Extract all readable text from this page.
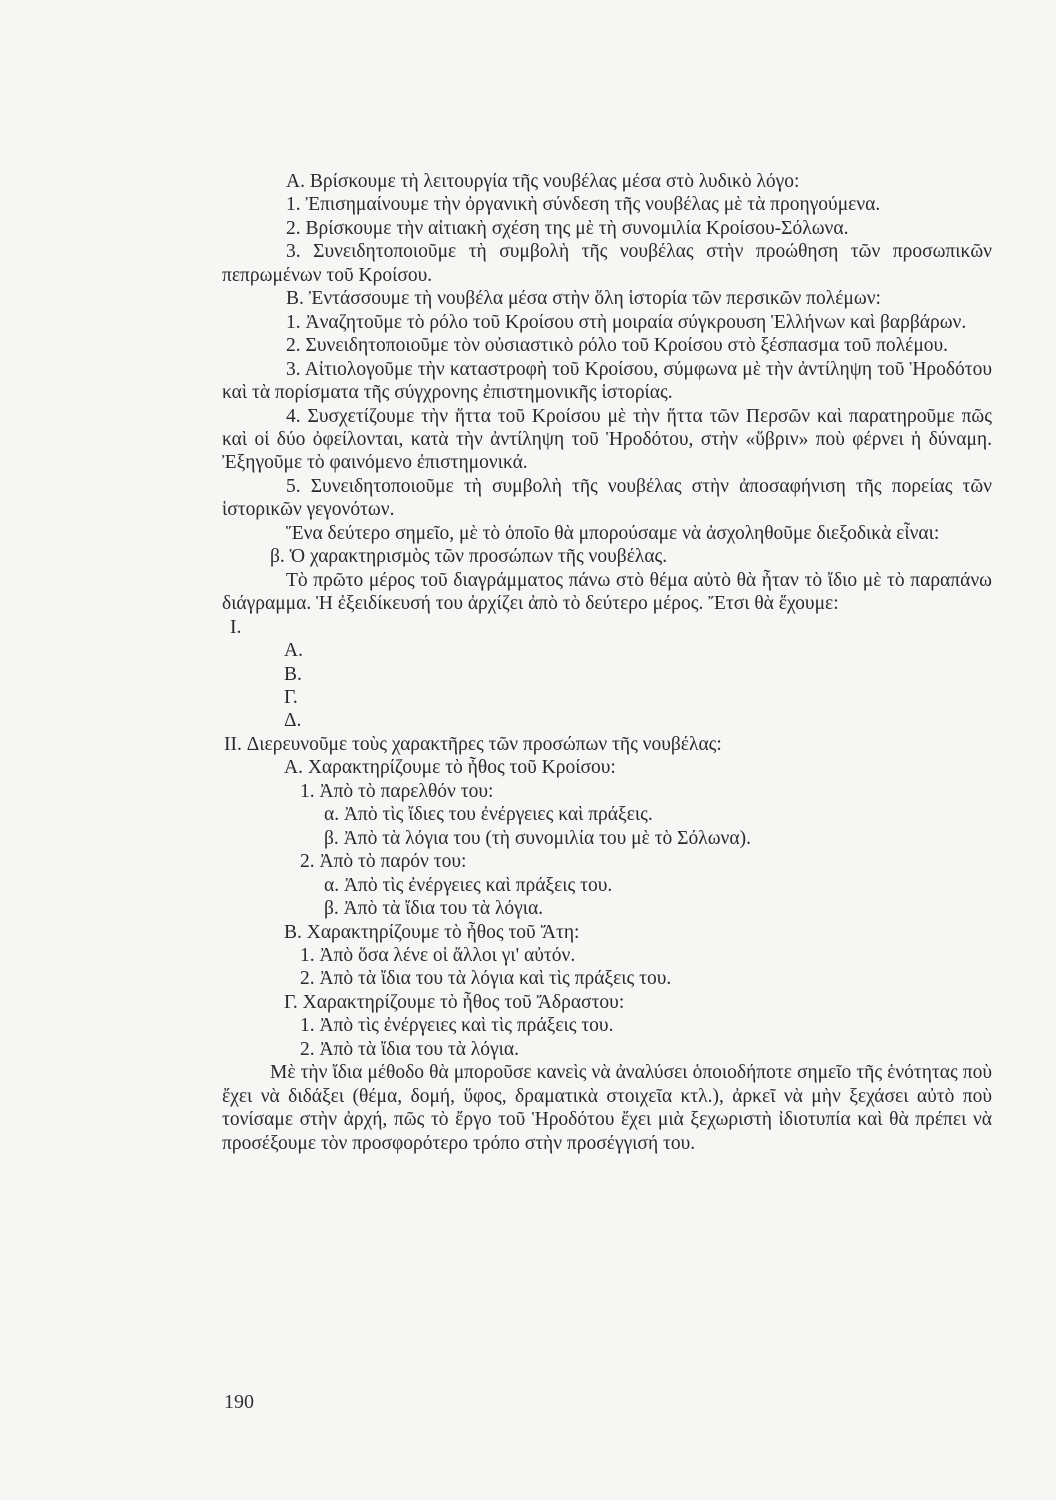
Α. Βρίσκουμε τὴ λειτουργία τῆς νουβέλας μέσα στὸ λυδικὸ λόγο:

1. Ἐπισημαίνουμε τὴν ὀργανικὴ σύνδεση τῆς νουβέλας μὲ τὰ προηγούμενα.

2. Βρίσκουμε τὴν αἰτιακὴ σχέση της μὲ τὴ συνομιλία Κροίσου-Σόλωνα.

3. Συνειδητοποιοῦμε τὴ συμβολὴ τῆς νουβέλας στὴν προώθηση τῶν προσωπικῶν πεπρωμένων τοῦ Κροίσου.

Β. Ἐντάσσουμε τὴ νουβέλα μέσα στὴν ὅλη ἱστορία τῶν περσικῶν πολέμων:

1. Ἀναζητοῦμε τὸ ρόλο τοῦ Κροίσου στὴ μοιραία σύγκρουση Ἑλλήνων καὶ βαρβάρων.

2. Συνειδητοποιοῦμε τὸν οὐσιαστικὸ ρόλο τοῦ Κροίσου στὸ ξέσπασμα τοῦ πολέμου.

3. Αἰτιολογοῦμε τὴν καταστροφὴ τοῦ Κροίσου, σύμφωνα μὲ τὴν ἀντίληψη τοῦ Ἡροδότου καὶ τὰ πορίσματα τῆς σύγχρονης ἐπιστημονικῆς ἱστορίας.

4. Συσχετίζουμε τὴν ἥττα τοῦ Κροίσου μὲ τὴν ἥττα τῶν Περσῶν καὶ παρατηροῦμε πῶς καὶ οἱ δύο ὀφείλονται, κατὰ τὴν ἀντίληψη τοῦ Ἡροδότου, στὴν «ὕβριν» ποὺ φέρνει ἡ δύναμη. Ἐξηγοῦμε τὸ φαινόμενο ἐπιστημονικά.

5. Συνειδητοποιοῦμε τὴ συμβολὴ τῆς νουβέλας στὴν ἀποσαφήνιση τῆς πορείας τῶν ἱστορικῶν γεγονότων.

Ἕνα δεύτερο σημεῖο, μὲ τὸ ὁποῖο θὰ μπορούσαμε νὰ ἀσχοληθοῦμε διεξοδικὰ εἶναι:

β. Ὁ χαρακτηρισμὸς τῶν προσώπων τῆς νουβέλας.

Τὸ πρῶτο μέρος τοῦ διαγράμματος πάνω στὸ θέμα αὐτὸ θὰ ἦταν τὸ ἴδιο μὲ τὸ παραπάνω διάγραμμα. Ἡ ἐξειδίκευσή του ἀρχίζει ἀπὸ τὸ δεύτερο μέρος. Ἔτσι θὰ ἔχουμε:

I.

Α.

Β.

Γ.

Δ.

II. Διερευνοῦμε τοὺς χαρακτῆρες τῶν προσώπων τῆς νουβέλας:

Α. Χαρακτηρίζουμε τὸ ἦθος τοῦ Κροίσου:

1. Ἀπὸ τὸ παρελθόν του:

α. Ἀπὸ τὶς ἴδιες του ἐνέργειες καὶ πράξεις.

β. Ἀπὸ τὰ λόγια του (τὴ συνομιλία του μὲ τὸ Σόλωνα).

2. Ἀπὸ τὸ παρόν του:

α. Ἀπὸ τὶς ἐνέργειες καὶ πράξεις του.

β. Ἀπὸ τὰ ἴδια του τὰ λόγια.

Β. Χαρακτηρίζουμε τὸ ἦθος τοῦ Ἄτη:

1. Ἀπὸ ὅσα λένε οἱ ἄλλοι γι' αὐτόν.

2. Ἀπὸ τὰ ἴδια του τὰ λόγια καὶ τὶς πράξεις του.

Γ. Χαρακτηρίζουμε τὸ ἦθος τοῦ Ἄδραστου:

1. Ἀπὸ τὶς ἐνέργειες καὶ τὶς πράξεις του.

2. Ἀπὸ τὰ ἴδια του τὰ λόγια.

Μὲ τὴν ἴδια μέθοδο θὰ μποροῦσε κανεὶς νὰ ἀναλύσει ὁποιοδήποτε σημεῖο τῆς ἑνότητας ποὺ ἔχει νὰ διδάξει (θέμα, δομή, ὕφος, δραματικὰ στοιχεῖα κτλ.), ἀρκεῖ νὰ μὴν ξεχάσει αὐτὸ ποὺ τονίσαμε στὴν ἀρχή, πῶς τὸ ἔργο τοῦ Ἡροδότου ἔχει μιὰ ξεχωριστὴ ἰδιοτυπία καὶ θὰ πρέπει νὰ προσέξουμε τὸν προσφορότερο τρόπο στὴν προσέγγισή του.

190
